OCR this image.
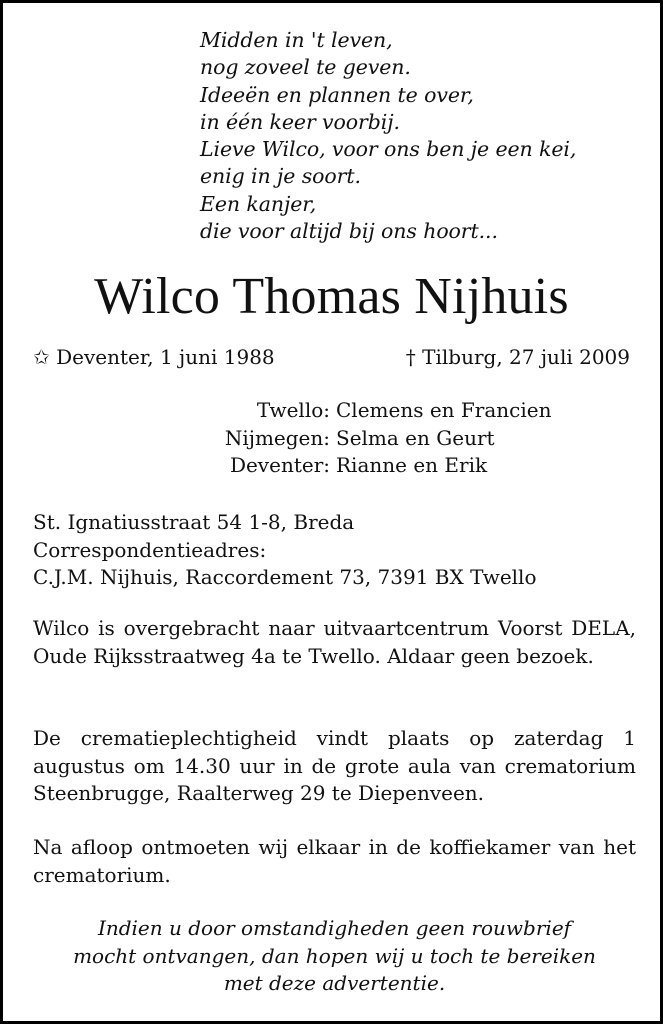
Midden in 't leven,
nog zoveel te geven.
Ideeën en plannen te over,
in één keer voorbij.
Lieve Wilco, voor ons ben je een kei,
enig in je soort.
Een kanjer,
die voor altijd bij ons hoort...
Wilco Thomas Nijhuis
✩ Deventer, 1 juni 1988	† Tilburg, 27 juli 2009
Twello: Clemens en Francien
Nijmegen: Selma en Geurt
Deventer: Rianne en Erik
St. Ignatiusstraat 54 1-8, Breda
Correspondentieadres:
C.J.M. Nijhuis, Raccordement 73, 7391 BX Twello
Wilco is overgebracht naar uitvaartcentrum Voorst DELA, Oude Rijksstraatweg 4a te Twello. Aldaar geen bezoek.
De crematieplechtigheid vindt plaats op zaterdag 1 augustus om 14.30 uur in de grote aula van crematorium Steenbrugge, Raalterweg 29 te Diepenveen.
Na afloop ontmoeten wij elkaar in de koffiekamer van het crematorium.
Indien u door omstandigheden geen rouwbrief
mocht ontvangen, dan hopen wij u toch te bereiken
met deze advertentie.
